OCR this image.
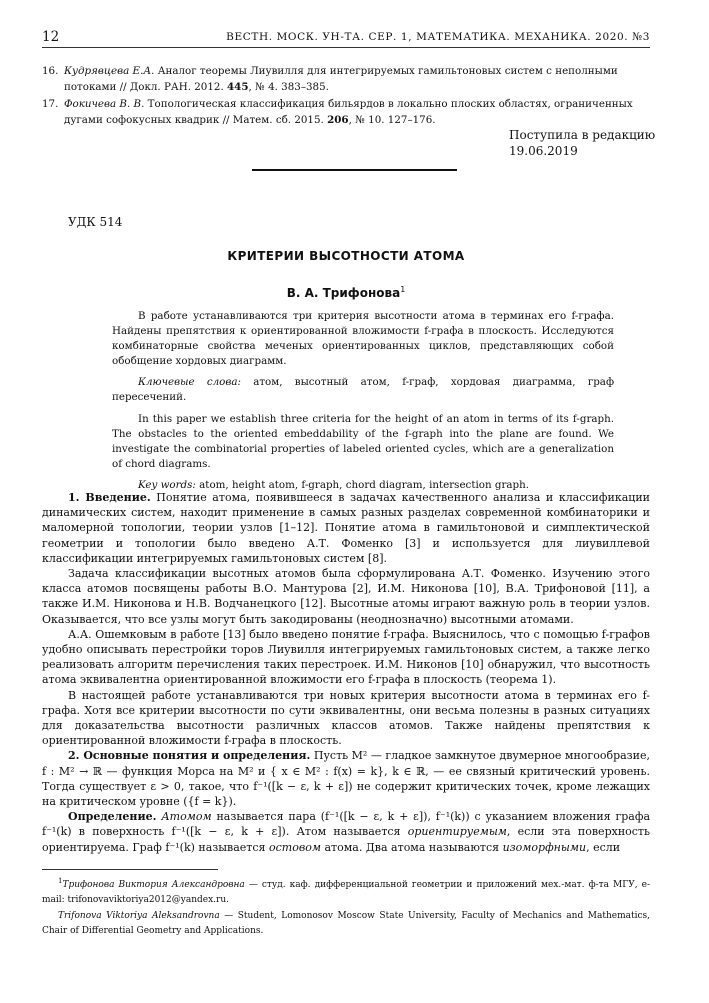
12	ВЕСТН. МОСК. УН-ТА. СЕР. 1, МАТЕМАТИКА. МЕХАНИКА. 2020. №3
16. Кудрявцева Е.А. Аналог теоремы Лиувилля для интегрируемых гамильтоновых систем с неполными потоками // Докл. РАН. 2012. 445, № 4. 383–385.
17. Фокичева В. В. Топологическая классификация бильярдов в локально плоских областях, ограниченных дугами софокусных квадрик // Матем. сб. 2015. 206, № 10. 127–176.
Поступила в редакцию
19.06.2019
УДК 514
КРИТЕРИИ ВЫСОТНОСТИ АТОМА
В. А. Трифонова$^1$

В работе устанавливаются три критерия высотности атома в терминах его f-графа. Найдены препятствия к ориентированной вложимости f-графа в плоскость. Исследуются комбинаторные свойства меченых ориентированных циклов, представляющих собой обобщение хордовых диаграмм.

Ключевые слова: атом, высотный атом, f-граф, хордовая диаграмма, граф пересечений.

In this paper we establish three criteria for the height of an atom in terms of its f-graph. The obstacles to the oriented embeddability of the f-graph into the plane are found. We investigate the combinatorial properties of labeled oriented cycles, which are a generalization of chord diagrams.

Key words: atom, height atom, f-graph, chord diagram, intersection graph.

1. Введение. Понятие атома, появившееся в задачах качественного анализа и классификации динамических систем, находит применение в самых разных разделах современной комбинаторики и маломерной топологии, теории узлов [1–12]. Понятие атома в гамильтоновой и симплектической геометрии и топологии было введено А.Т. Фоменко [3] и используется для лиувиллевой классификации интегрируемых гамильтоновых систем [8].

Задача классификации высотных атомов была сформулирована А.Т. Фоменко. Изучению этого класса атомов посвящены работы В.О. Мантурова [2], И.М. Никонова [10], В.А. Трифоновой [11], а также И.М. Никонова и Н.В. Водчанецкого [12]. Высотные атомы играют важную роль в теории узлов. Оказывается, что все узлы могут быть закодированы (неоднозначно) высотными атомами.

А.А. Ошемковым в работе [13] было введено понятие f-графа. Выяснилось, что с помощью f-графов удобно описывать перестройки торов Лиувилля интегрируемых гамильтоновых систем, а также легко реализовать алгоритм перечисления таких перестроек. И.М. Никонов [10] обнаружил, что высотность атома эквивалентна ориентированной вложимости его f-графа в плоскость (теорема 1).

В настоящей работе устанавливаются три новых критерия высотности атома в терминах его f-графа. Хотя все критерии высотности по сути эквивалентны, они весьма полезны в разных ситуациях для доказательства высотности различных классов атомов. Также найдены препятствия к ориентированной вложимости f-графа в плоскость.

2. Основные понятия и определения. Пусть M² — гладкое замкнутое двумерное многообразие, f : M² → ℝ — функция Морса на M² и { x ∈ M² : f(x) = k}, k ∈ ℝ, — ее связный критический уровень. Тогда существует ε > 0, такое, что f⁻¹([k − ε, k + ε]) не содержит критических точек, кроме лежащих на критическом уровне ({f = k}).

Определение. Атомом называется пара (f⁻¹([k − ε, k + ε]), f⁻¹(k)) с указанием вложения графа f⁻¹(k) в поверхность f⁻¹([k − ε, k + ε]). Атом называется ориентируемым, если эта поверхность ориентируема. Граф f⁻¹(k) называется остовом атома. Два атома называются изоморфными, если

$^1$Трифонова Виктория Александровна — студ. каф. дифференциальной геометрии и приложений мех.-мат. ф-та МГУ, e-mail: trifonovaviktoriya2012@yandex.ru.

Trifonova Viktoriya Aleksandrovna — Student, Lomonosov Moscow State University, Faculty of Mechanics and Mathematics, Chair of Differential Geometry and Applications.
